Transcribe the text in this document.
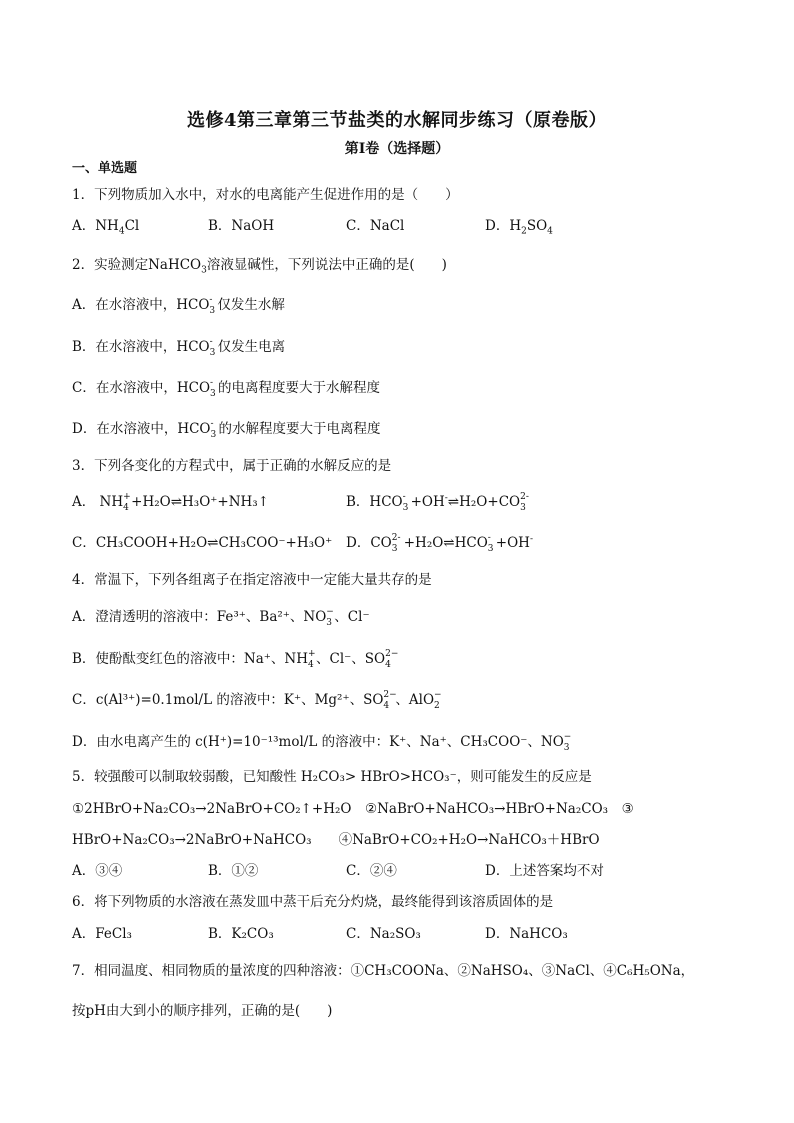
选修4第三章第三节盐类的水解同步练习（原卷版）
第I卷（选择题）
一、单选题
1．下列物质加入水中，对水的电离能产生促进作用的是（　　）
A．$NH_4Cl$	B．NaOH	C．NaCl	D．$H_2SO_4$
2．实验测定NaHCO$_3$溶液显碱性，下列说法中正确的是(　　)
A．在水溶液中，HCO -
3 仅发生水解
B．在水溶液中，HCO -
3 仅发生电离
C．在水溶液中，HCO -
3 的电离程度要大于水解程度
D．在水溶液中，HCO -
3 的水解程度要大于电离程度
3．下列各变化的方程式中，属于正确的水解反应的是
A． NH +
4 +H₂O⇌H₃O⁺+NH₃↑	B．HCO -
3 +OH-⇌H₂O+CO 2-
3
C．CH₃COOH+H₂O⇌CH₃COO⁻+H₃O⁺ D．CO 2-
3 +H₂O⇌HCO -
3 +OH-
4．常温下，下列各组离子在指定溶液中一定能大量共存的是
A．澄清透明的溶液中：Fe³⁺、Ba²⁺、NO −
3 、Cl⁻
B．使酚酞变红色的溶液中：Na⁺、NH +
4 、Cl⁻、SO 2−
4
C．c(Al³⁺)=0.1mol/L 的溶液中：K⁺、Mg²⁺、SO 2−
4 、AlO −
2
D．由水电离产生的 c(H⁺)=10⁻¹³mol/L 的溶液中：K⁺、Na⁺、CH₃COO⁻、NO −
3
5．较强酸可以制取较弱酸，已知酸性 H₂CO₃> HBrO>HCO₃⁻，则可能发生的反应是
①2HBrO+Na₂CO₃→2NaBrO+CO₂↑+H₂O　②NaBrO+NaHCO₃→HBrO+Na₂CO₃　③
HBrO+Na₂CO₃→2NaBrO+NaHCO₃　　④NaBrO+CO₂+H₂O→NaHCO₃＋HBrO
A．③④	B．①②	C．②④	D．上述答案均不对
6．将下列物质的水溶液在蒸发皿中蒸干后充分灼烧，最终能得到该溶质固体的是
A．FeCl₃	B．K₂CO₃	C．Na₂SO₃	D．NaHCO₃
7．相同温度、相同物质的量浓度的四种溶液：①CH₃COONa、②NaHSO₄、③NaCl、④C₆H₅ONa，
按pH由大到小的顺序排列，正确的是(　　)
